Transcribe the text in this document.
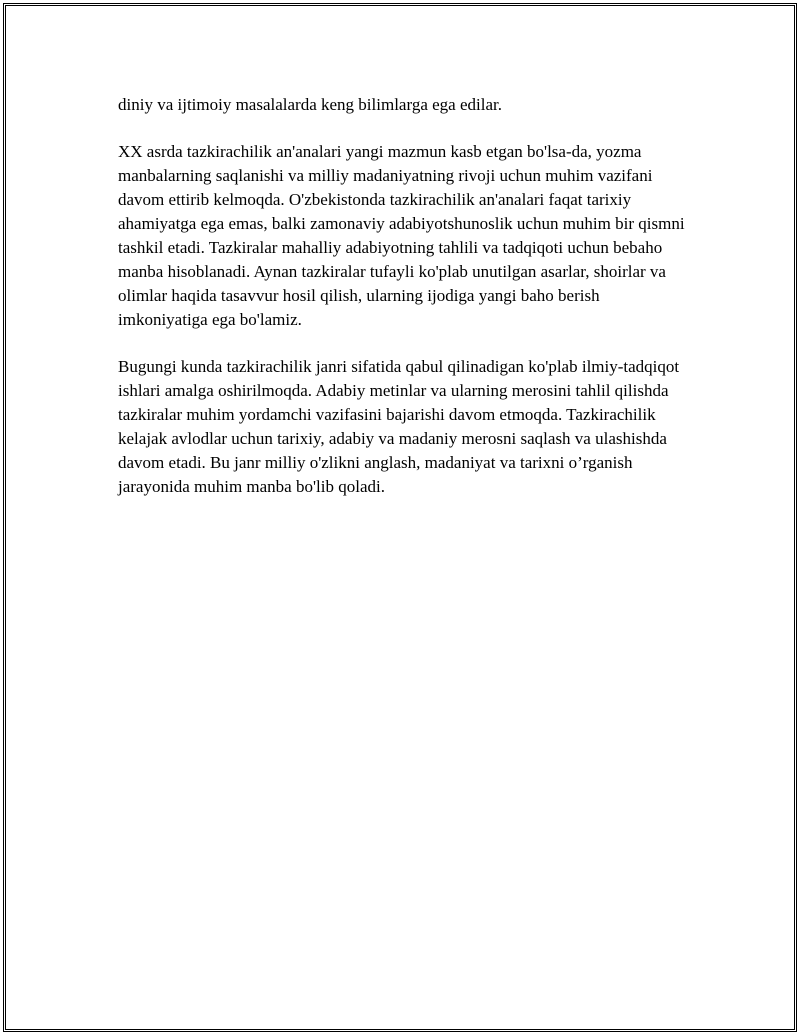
diniy va ijtimoiy masalalarda keng bilimlarga ega edilar.

XX asrda tazkirachilik an'analari yangi mazmun kasb etgan bo'lsa-da, yozma manbalarning saqlanishi va milliy madaniyatning rivoji uchun muhim vazifani davom ettirib kelmoqda. O'zbekistonda tazkirachilik an'analari faqat tarixiy ahamiyatga ega emas, balki zamonaviy adabiyotshunoslik uchun muhim bir qismni tashkil etadi. Tazkiralar mahalliy adabiyotning tahlili va tadqiqoti uchun bebaho manba hisoblanadi. Aynan tazkiralar tufayli ko'plab unutilgan asarlar, shoirlar va olimlar haqida tasavvur hosil qilish, ularning ijodiga yangi baho berish imkoniyatiga ega bo'lamiz.

Bugungi kunda tazkirachilik janri sifatida qabul qilinadigan ko'plab ilmiy-tadqiqot ishlari amalga oshirilmoqda. Adabiy metinlar va ularning merosini tahlil qilishda tazkiralar muhim yordamchi vazifasini bajarishi davom etmoqda. Tazkirachilik kelajak avlodlar uchun tarixiy, adabiy va madaniy merosni saqlash va ulashishda davom etadi. Bu janr milliy o'zlikni anglash, madaniyat va tarixni o’rganish jarayonida muhim manba bo'lib qoladi.
